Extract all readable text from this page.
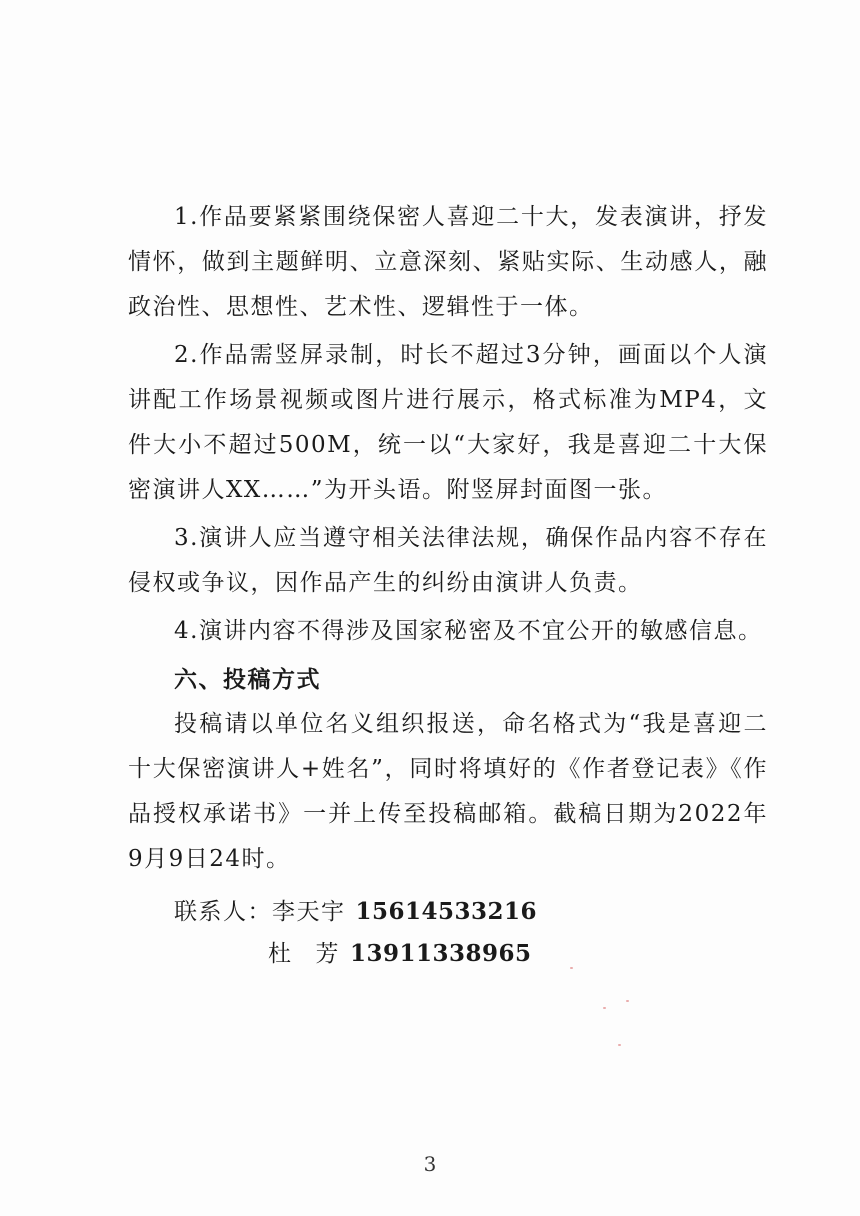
1.作品要紧紧围绕保密人喜迎二十大，发表演讲，抒发情怀，做到主题鲜明、立意深刻、紧贴实际、生动感人，融政治性、思想性、艺术性、逻辑性于一体。

2.作品需竖屏录制，时长不超过3分钟，画面以个人演讲配工作场景视频或图片进行展示，格式标准为MP4，文件大小不超过500M，统一以“大家好，我是喜迎二十大保密演讲人XX……”为开头语。附竖屏封面图一张。

3.演讲人应当遵守相关法律法规，确保作品内容不存在侵权或争议，因作品产生的纠纷由演讲人负责。

4.演讲内容不得涉及国家秘密及不宜公开的敏感信息。

六、投稿方式

投稿请以单位名义组织报送，命名格式为“我是喜迎二十大保密演讲人+姓名”，同时将填好的《作者登记表》《作品授权承诺书》一并上传至投稿邮箱。截稿日期为2022年9月9日24时。

联系人：李天宇 15614533216
杜 芳 13911338965
3
